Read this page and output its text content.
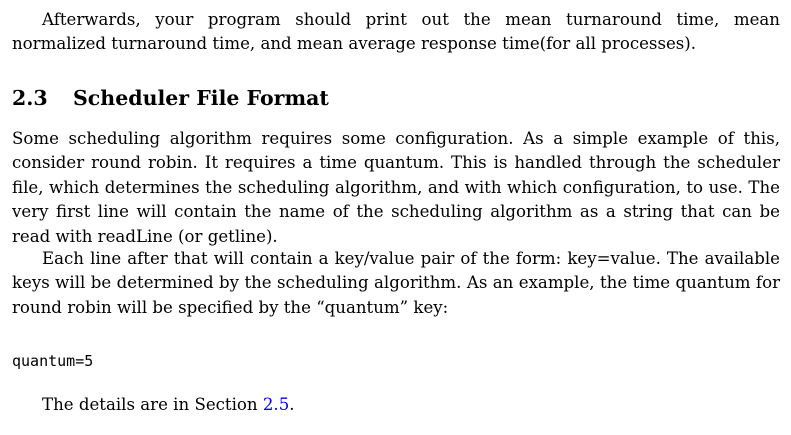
Afterwards, your program should print out the mean turnaround time, mean normalized turnaround time, and mean average response time(for all processes).

2.3 Scheduler File Format

Some scheduling algorithm requires some configuration. As a simple example of this, consider round robin. It requires a time quantum. This is handled through the scheduler file, which determines the scheduling algorithm, and with which configuration, to use. The very first line will contain the name of the scheduling algorithm as a string that can be read with readLine (or getline).

Each line after that will contain a key/value pair of the form: key=value. The available keys will be determined by the scheduling algorithm. As an example, the time quantum for round robin will be specified by the “quantum” key:

quantum=5

The details are in Section 2.5.
